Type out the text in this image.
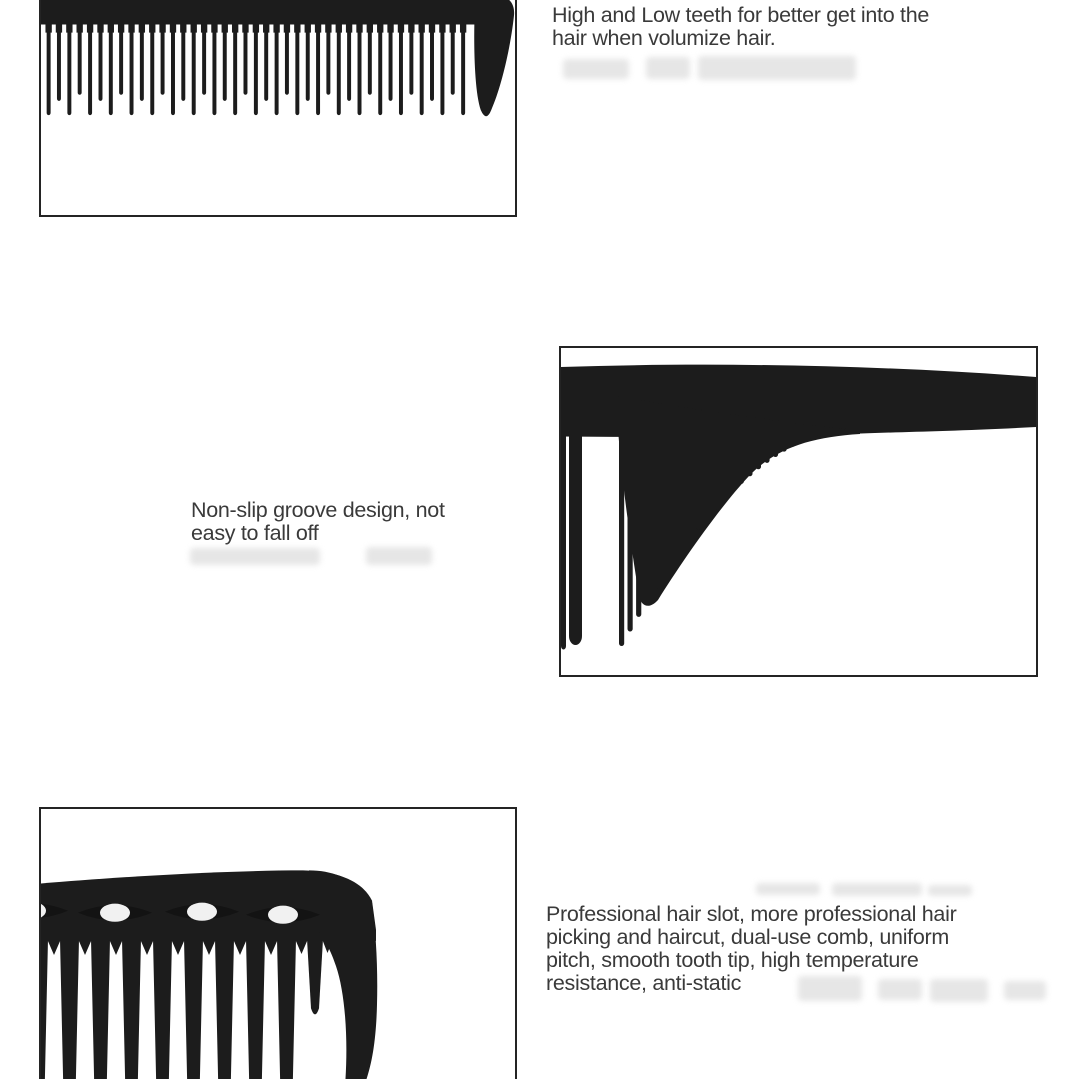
High and Low teeth for better get into the
hair when volumize hair.
Non-slip groove design, not
easy to fall off
Professional hair slot, more professional hair
picking and haircut, dual-use comb, uniform
pitch, smooth tooth tip, high temperature
resistance, anti-static
